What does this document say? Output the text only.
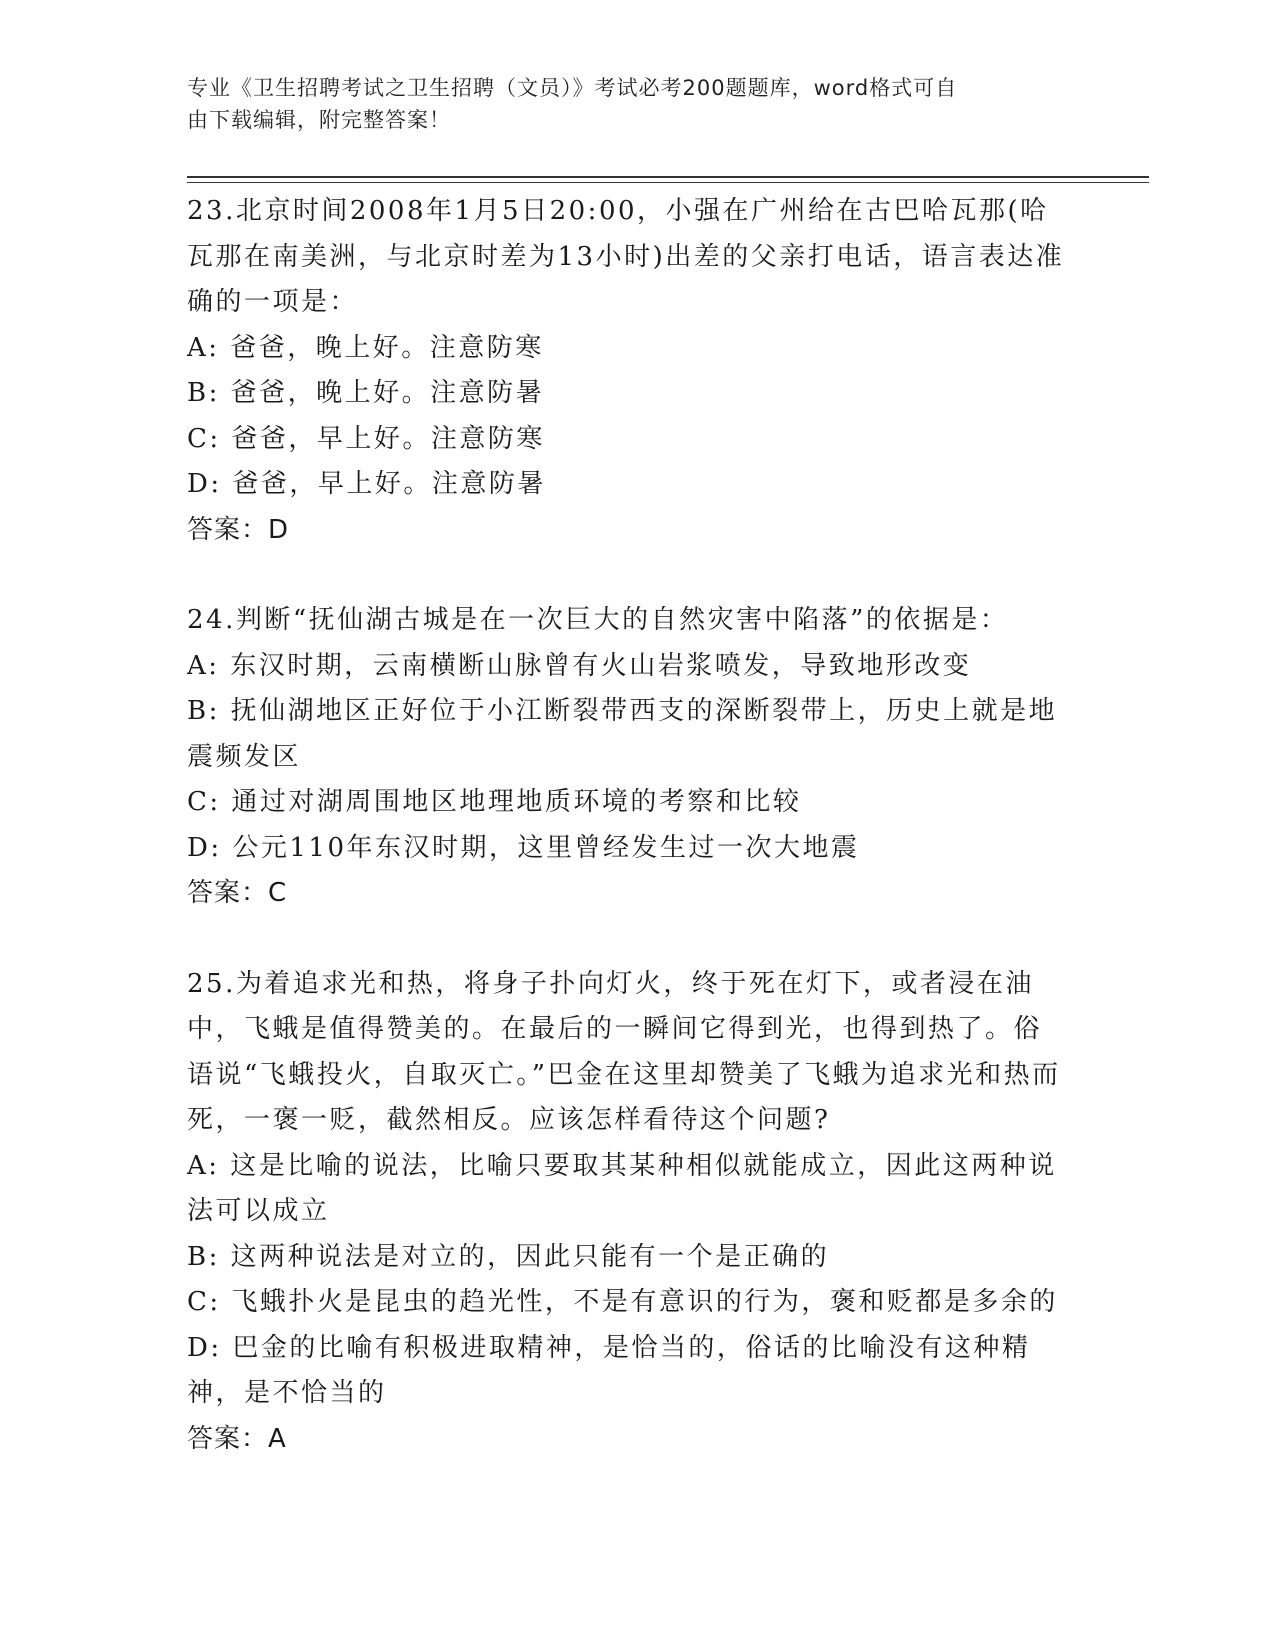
专业《卫生招聘考试之卫生招聘（文员）》考试必考200题题库，word格式可自
由下载编辑，附完整答案！
23.北京时间2008年1月5日20:00，小强在广州给在古巴哈瓦那(哈瓦那在南美洲，与北京时差为13小时)出差的父亲打电话，语言表达准确的一项是：
A: 爸爸，晚上好。注意防寒
B: 爸爸，晚上好。注意防暑
C: 爸爸，早上好。注意防寒
D: 爸爸，早上好。注意防暑
答案：D
24.判断“抚仙湖古城是在一次巨大的自然灾害中陷落”的依据是：
A: 东汉时期，云南横断山脉曾有火山岩浆喷发，导致地形改变
B: 抚仙湖地区正好位于小江断裂带西支的深断裂带上，历史上就是地震频发区
C: 通过对湖周围地区地理地质环境的考察和比较
D: 公元110年东汉时期，这里曾经发生过一次大地震
答案：C
25.为着追求光和热，将身子扑向灯火，终于死在灯下，或者浸在油中，飞蛾是值得赞美的。在最后的一瞬间它得到光，也得到热了。俗语说“飞蛾投火，自取灭亡。”巴金在这里却赞美了飞蛾为追求光和热而死，一褒一贬，截然相反。应该怎样看待这个问题?
A: 这是比喻的说法，比喻只要取其某种相似就能成立，因此这两种说法可以成立
B: 这两种说法是对立的，因此只能有一个是正确的
C: 飞蛾扑火是昆虫的趋光性，不是有意识的行为，褒和贬都是多余的
D: 巴金的比喻有积极进取精神，是恰当的，俗话的比喻没有这种精神，是不恰当的
答案：A
